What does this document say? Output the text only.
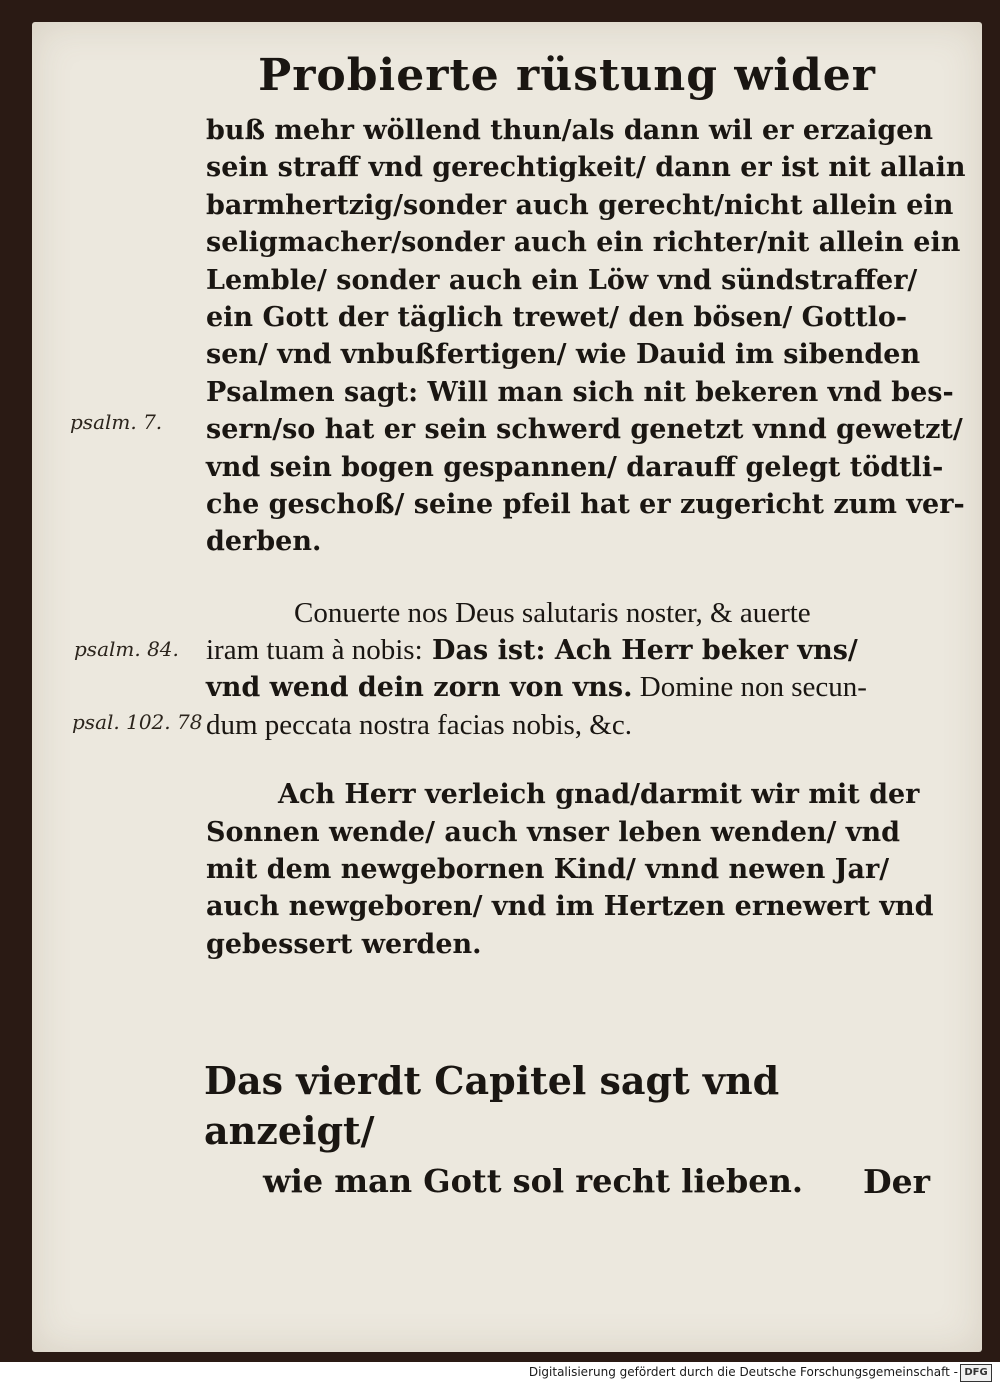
Probierte rüstung wider
psalm. 7.
psalm. 84.
psal. 102. 78
buß mehr wöllend thun/als dann wil er erzaigen
sein straff vnd gerechtigkeit/ dann er ist nit allain
barmhertzig/sonder auch gerecht/nicht allein ein
seligmacher/sonder auch ein richter/nit allein ein
Lemble/ sonder auch ein Löw vnd sündstraffer/
ein Gott der täglich trewet/ den bösen/ Gottlo-
sen/ vnd vnbußfertigen/ wie Dauid im sibenden
Psalmen sagt: Will man sich nit bekeren vnd bes-
sern/so hat er sein schwerd genetzt vnnd gewetzt/
vnd sein bogen gespannen/ darauff gelegt tödtli-
che geschoß/ seine pfeil hat er zugericht zum ver-
derben.
Conuerte nos Deus salutaris noster, & auerte
iram tuam à nobis: Das ist: Ach Herr beker vns/
vnd wend dein zorn von vns. Domine non secun-
dum peccata nostra facias nobis, &c.
Ach Herr verleich gnad/darmit wir mit der
Sonnen wende/ auch vnser leben wenden/ vnd
mit dem newgebornen Kind/ vnnd newen Jar/
auch newgeboren/ vnd im Hertzen ernewert vnd
gebessert werden.
Das vierdt Capitel sagt vnd anzeigt/
wie man Gott sol recht lieben.	Der
Digitalisierung gefördert durch die Deutsche Forschungsgemeinschaft - DFG
